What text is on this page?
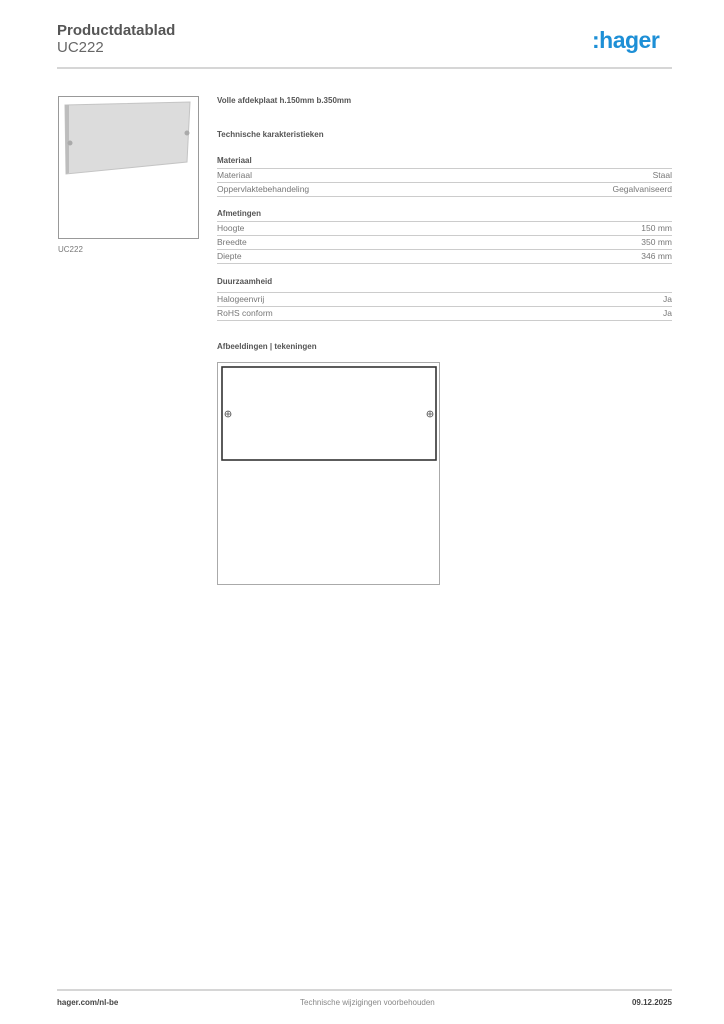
Productdatablad
UC222	:hager
UC222
Volle afdekplaat h.150mm b.350mm
Technische karakteristieken
Materiaal
Materiaal	Staal
Oppervlaktebehandeling	Gegalvaniseerd
Afmetingen
Hoogte	150 mm
Breedte	350 mm
Diepte	346 mm
Duurzaamheid
Halogeenvrij	Ja
RoHS conform	Ja
Afbeeldingen | tekeningen
hager.com/nl-be	Technische wijzigingen voorbehouden	09.12.2025
